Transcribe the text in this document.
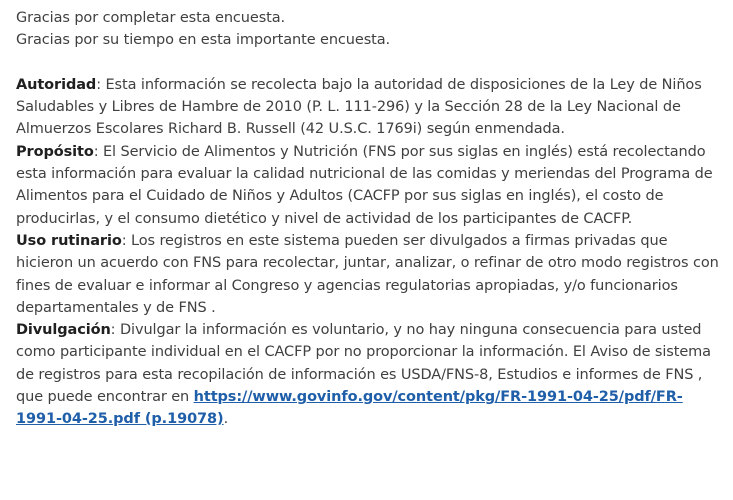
Gracias por completar esta encuesta.

Gracias por su tiempo en esta importante encuesta.

Autoridad: Esta información se recolecta bajo la autoridad de disposiciones de la Ley de Niños Saludables y Libres de Hambre de 2010 (P. L. 111-296) y la Sección 28 de la Ley Nacional de Almuerzos Escolares Richard B. Russell (42 U.S.C. 1769i) según enmendada.

Propósito: El Servicio de Alimentos y Nutrición (FNS por sus siglas en inglés) está recolectando esta información para evaluar la calidad nutricional de las comidas y meriendas del Programa de Alimentos para el Cuidado de Niños y Adultos (CACFP por sus siglas en inglés), el costo de producirlas, y el consumo dietético y nivel de actividad de los participantes de CACFP.

Uso rutinario: Los registros en este sistema pueden ser divulgados a firmas privadas que hicieron un acuerdo con FNS para recolectar, juntar, analizar, o refinar de otro modo registros con fines de evaluar e informar al Congreso y agencias regulatorias apropiadas, y/o funcionarios departamentales y de FNS .

Divulgación: Divulgar la información es voluntario, y no hay ninguna consecuencia para usted como participante individual en el CACFP por no proporcionar la información. El Aviso de sistema de registros para esta recopilación de información es USDA/FNS-8, Estudios e informes de FNS , que puede encontrar en https://www.govinfo.gov/content/pkg/FR-1991-04-25/pdf/FR-1991-04-25.pdf (p.19078).
